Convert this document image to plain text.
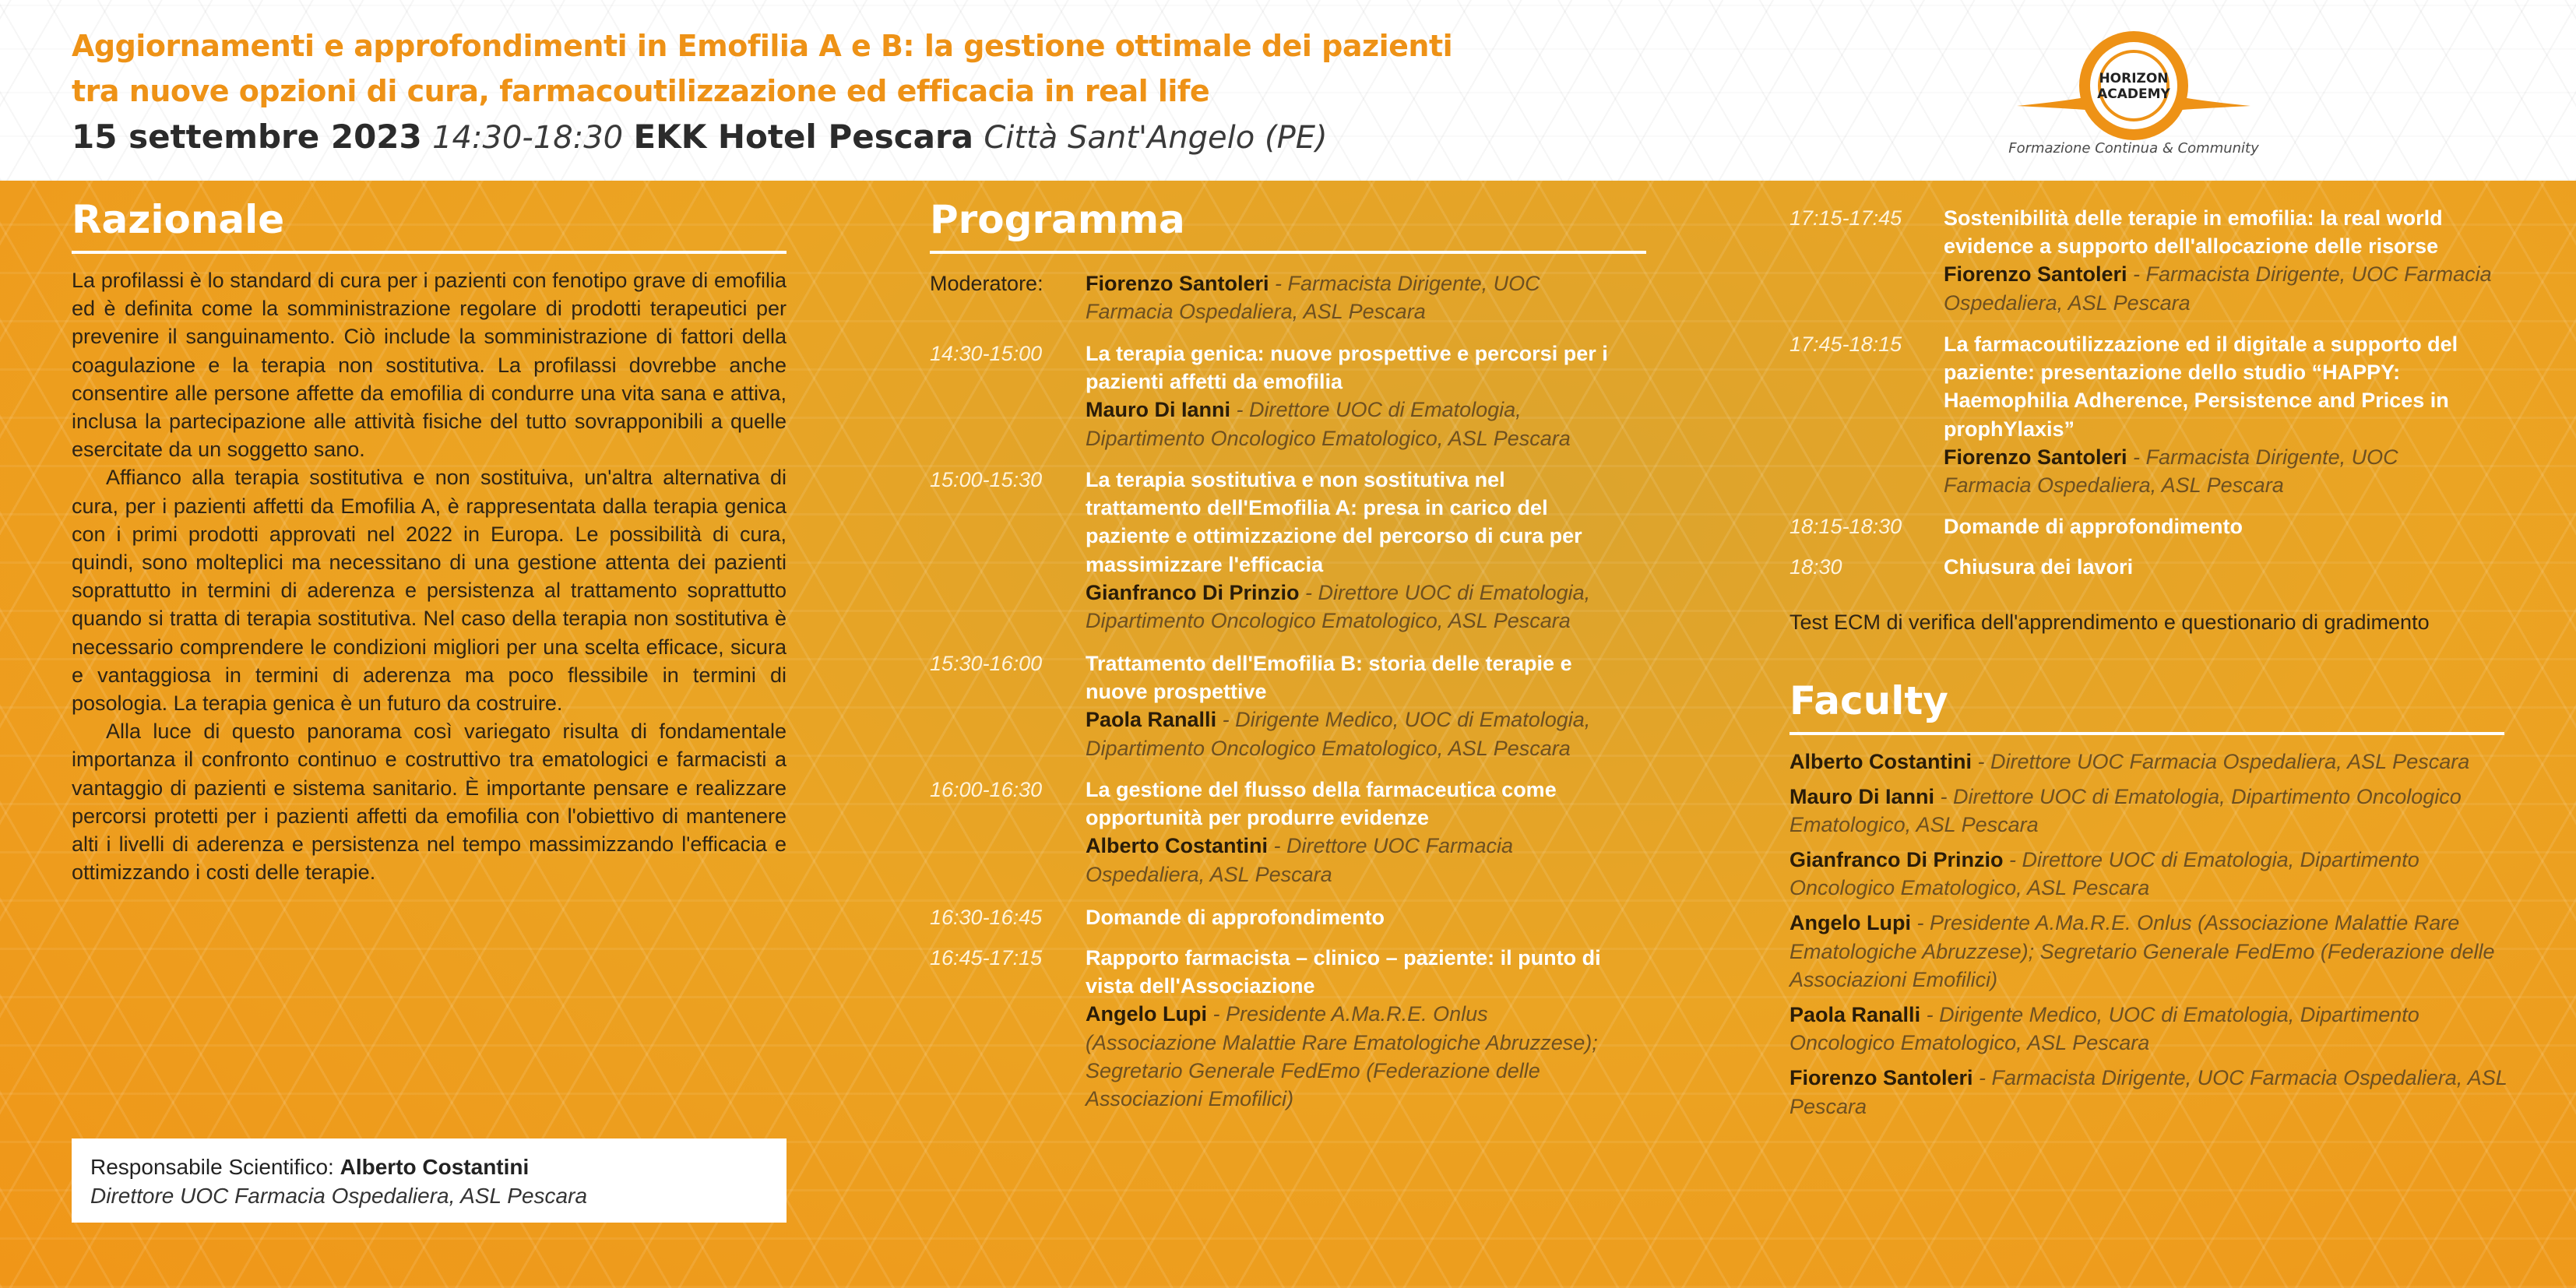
Aggiornamenti e approfondimenti in Emofilia A e B: la gestione ottimale dei pazienti
tra nuove opzioni di cura, farmacoutilizzazione ed efficacia in real life
15 settembre 2023 14:30-18:30 EKK Hotel Pescara Città Sant'Angelo (PE)
HORIZON
ACADEMY
Formazione Continua & Community
Razionale

La profilassi è lo standard di cura per i pazienti con fenotipo grave di emofilia ed è definita come la somministrazione regolare di prodotti terapeutici per prevenire il sanguinamento. Ciò include la somministrazione di fattori della coagulazione e la terapia non sostitutiva. La profilassi dovrebbe anche consentire alle persone affette da emofilia di condurre una vita sana e attiva, inclusa la partecipazione alle attività fisiche del tutto sovrapponibili a quelle esercitate da un soggetto sano.

Affianco alla terapia sostitutiva e non sostituiva, un'altra alternativa di cura, per i pazienti affetti da Emofilia A, è rappresentata dalla terapia genica con i primi prodotti approvati nel 2022 in Europa. Le possibilità di cura, quindi, sono molteplici ma necessitano di una gestione attenta dei pazienti soprattutto in termini di aderenza e persistenza al trattamento soprattutto quando si tratta di terapia sostitutiva. Nel caso della terapia non sostitutiva è necessario comprendere le condizioni migliori per una scelta efficace, sicura e vantaggiosa in termini di aderenza ma poco flessibile in termini di posologia. La terapia genica è un futuro da costruire.

Alla luce di questo panorama così variegato risulta di fondamentale importanza il confronto continuo e costruttivo tra ematologici e farmacisti a vantaggio di pazienti e sistema sanitario. È importante pensare e realizzare percorsi protetti per i pazienti affetti da emofilia con l'obiettivo di mantenere alti i livelli di aderenza e persistenza nel tempo massimizzando l'efficacia e ottimizzando i costi delle terapie.

Responsabile Scientifico: Alberto Costantini
Direttore UOC Farmacia Ospedaliera, ASL Pescara
Programma
Moderatore:	Fiorenzo Santoleri - Farmacista Dirigente, UOC Farmacia Ospedaliera, ASL Pescara
14:30-15:00	La terapia genica: nuove prospettive e percorsi per i pazienti affetti da emofilia
Mauro Di Ianni - Direttore UOC di Ematologia, Dipartimento Oncologico Ematologico, ASL Pescara
15:00-15:30	La terapia sostitutiva e non sostitutiva nel trattamento dell'Emofilia A: presa in carico del paziente e ottimizzazione del percorso di cura per massimizzare l'efficacia
Gianfranco Di Prinzio - Direttore UOC di Ematologia, Dipartimento Oncologico Ematologico, ASL Pescara
15:30-16:00	Trattamento dell'Emofilia B: storia delle terapie e nuove prospettive
Paola Ranalli - Dirigente Medico, UOC di Ematologia, Dipartimento Oncologico Ematologico, ASL Pescara
16:00-16:30	La gestione del flusso della farmaceutica come opportunità per produrre evidenze
Alberto Costantini - Direttore UOC Farmacia Ospedaliera, ASL Pescara
16:30-16:45	Domande di approfondimento
16:45-17:15	Rapporto farmacista – clinico – paziente: il punto di vista dell'Associazione
Angelo Lupi - Presidente A.Ma.R.E. Onlus (Associazione Malattie Rare Ematologiche Abruzzese); Segretario Generale FedEmo (Federazione delle Associazioni Emofilici)
17:15-17:45	Sostenibilità delle terapie in emofilia: la real world evidence a supporto dell'allocazione delle risorse
Fiorenzo Santoleri - Farmacista Dirigente, UOC Farmacia Ospedaliera, ASL Pescara
17:45-18:15	La farmacoutilizzazione ed il digitale a supporto del paziente: presentazione dello studio “HAPPY: Haemophilia Adherence, Persistence and Prices in prophYlaxis”
Fiorenzo Santoleri - Farmacista Dirigente, UOC Farmacia Ospedaliera, ASL Pescara
18:15-18:30	Domande di approfondimento
18:30	Chiusura dei lavori
Test ECM di verifica dell'apprendimento e questionario di gradimento
Faculty
Alberto Costantini - Direttore UOC Farmacia Ospedaliera, ASL Pescara
Mauro Di Ianni - Direttore UOC di Ematologia, Dipartimento Oncologico Ematologico, ASL Pescara
Gianfranco Di Prinzio - Direttore UOC di Ematologia, Dipartimento Oncologico Ematologico, ASL Pescara
Angelo Lupi - Presidente A.Ma.R.E. Onlus (Associazione Malattie Rare Ematologiche Abruzzese); Segretario Generale FedEmo (Federazione delle Associazioni Emofilici)
Paola Ranalli - Dirigente Medico, UOC di Ematologia, Dipartimento Oncologico Ematologico, ASL Pescara
Fiorenzo Santoleri - Farmacista Dirigente, UOC Farmacia Ospedaliera, ASL Pescara
